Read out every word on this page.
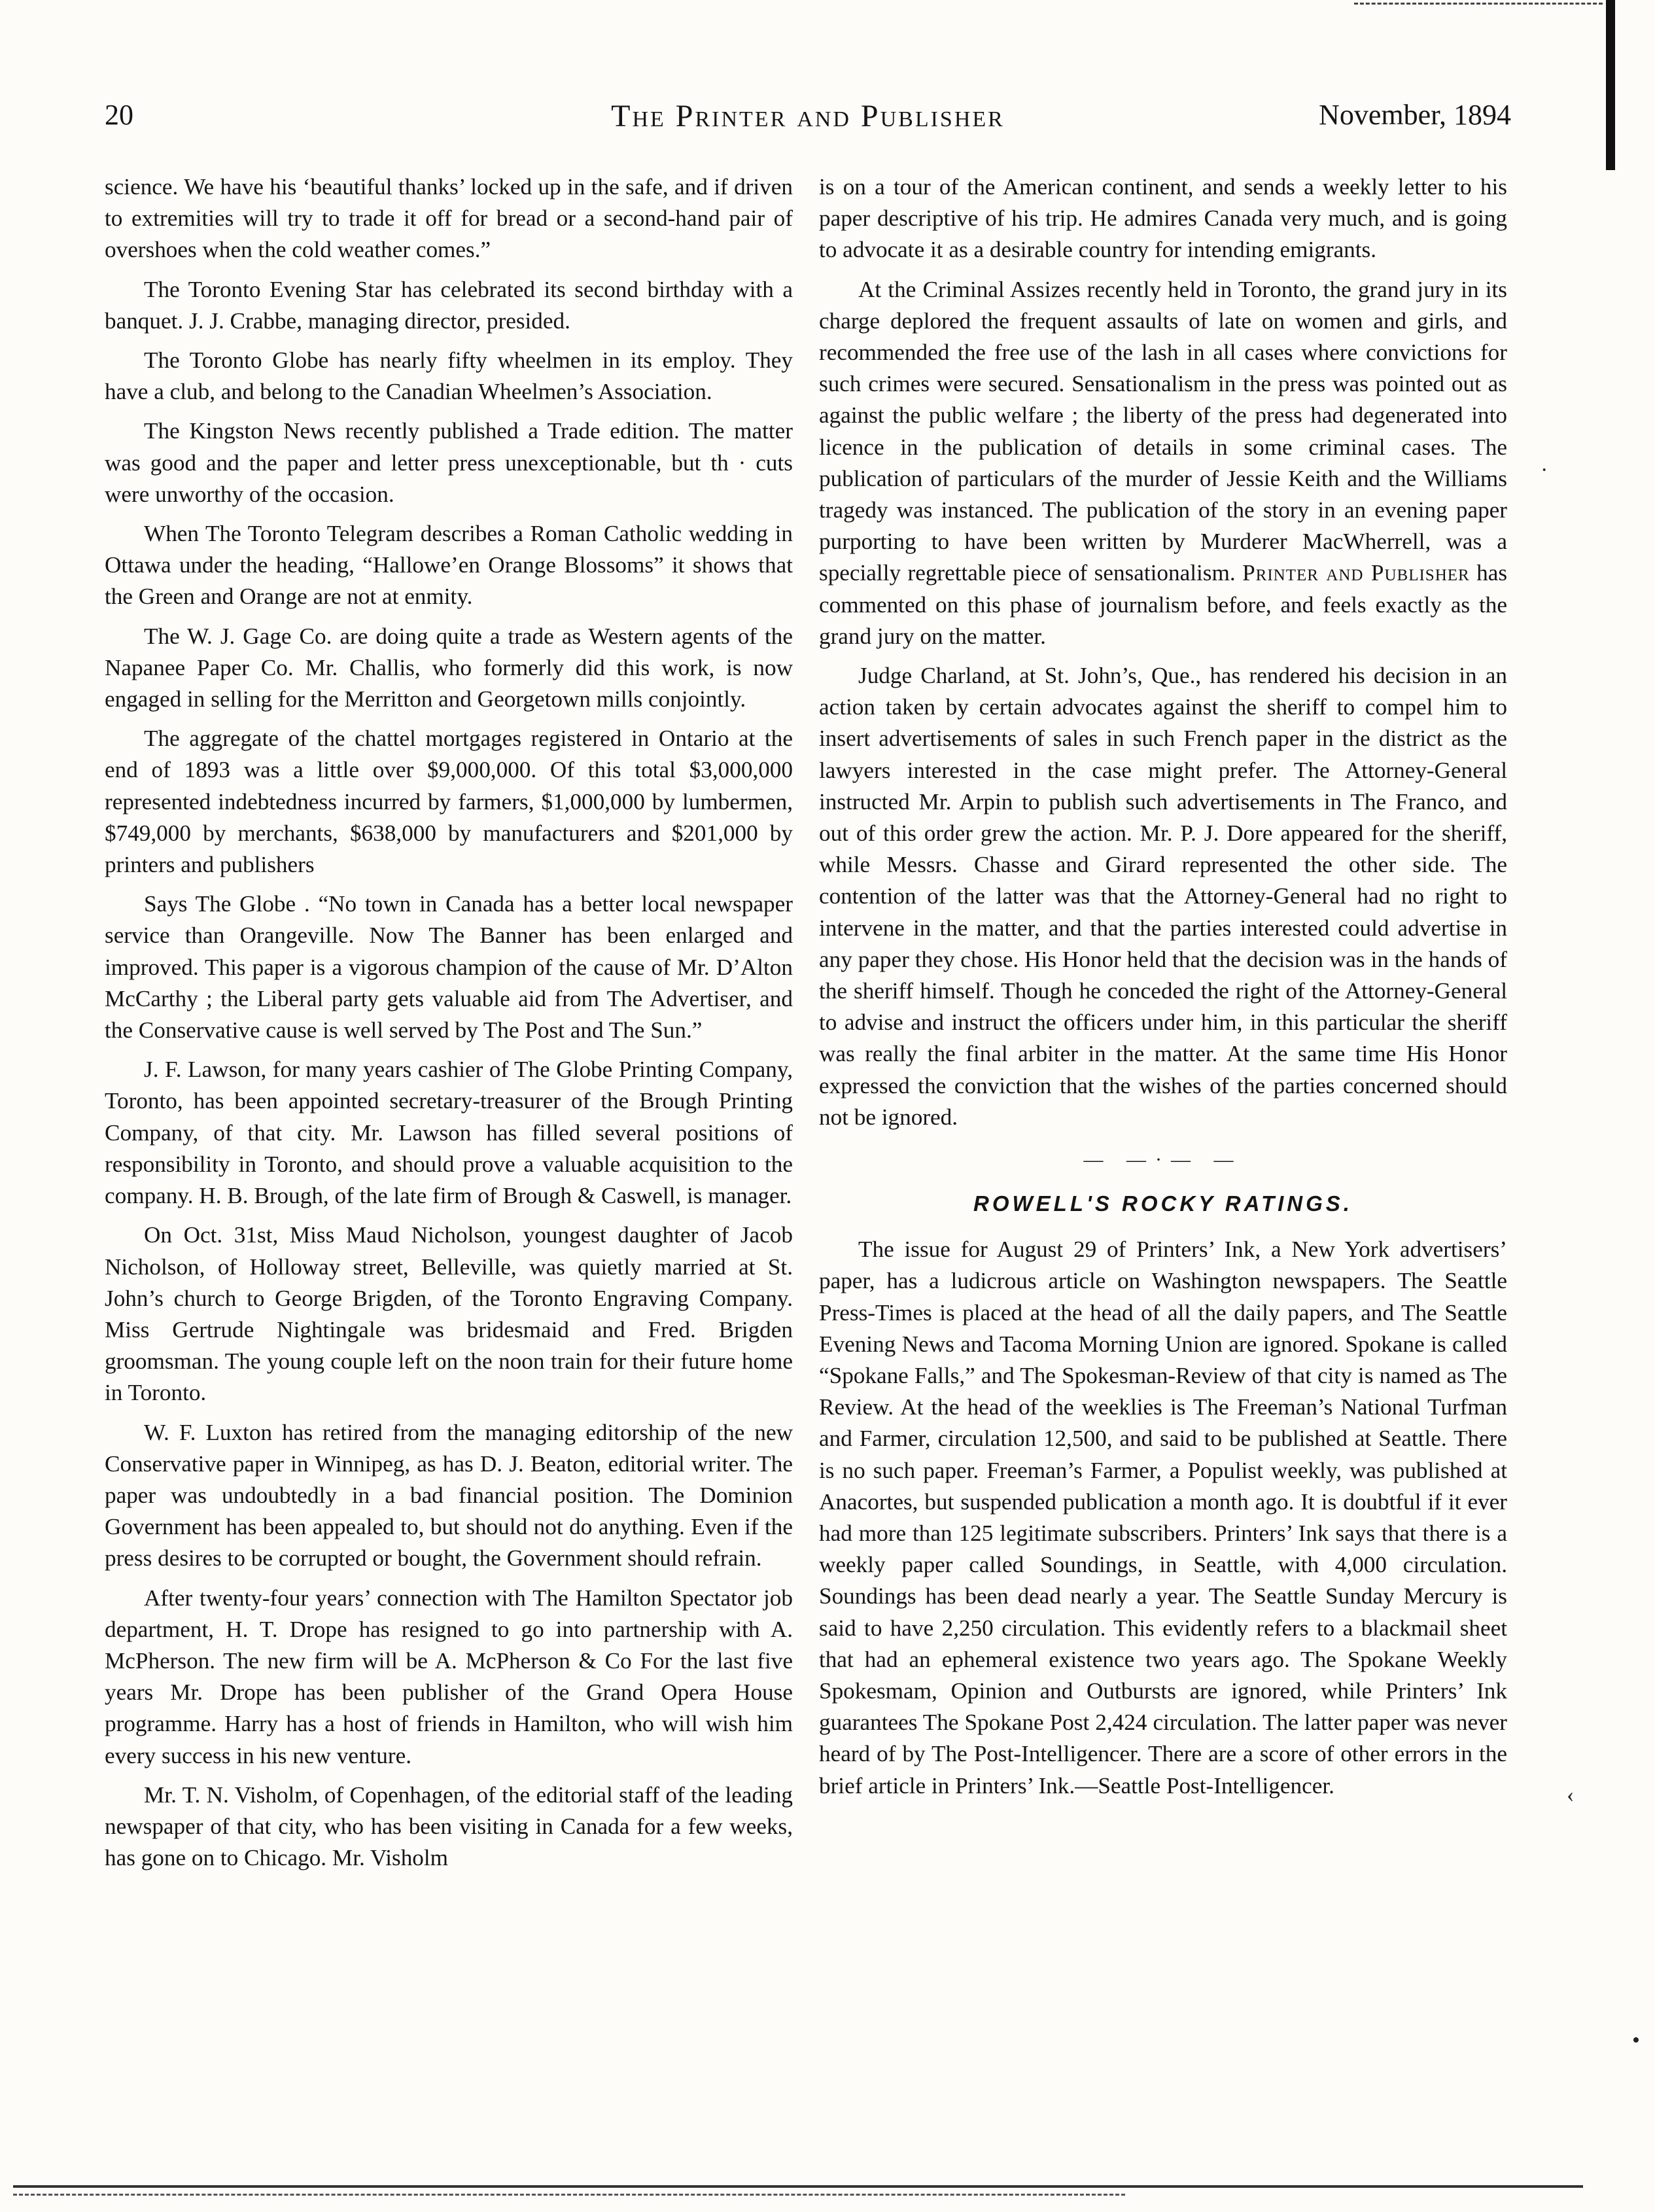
·
‹
•
20	The Printer and Publisher	November, 1894

science. We have his ‘beautiful thanks’ locked up in the safe, and if driven to extremities will try to trade it off for bread or a second-hand pair of overshoes when the cold weather comes.”

The Toronto Evening Star has celebrated its second birthday with a banquet. J. J. Crabbe, managing director, presided.

The Toronto Globe has nearly fifty wheelmen in its employ. They have a club, and belong to the Canadian Wheelmen’s Association.

The Kingston News recently published a Trade edition. The matter was good and the paper and letter press unexceptionable, but th · cuts were unworthy of the occasion.

When The Toronto Telegram describes a Roman Catholic wedding in Ottawa under the heading, “Hallowe’en Orange Blossoms” it shows that the Green and Orange are not at enmity.

The W. J. Gage Co. are doing quite a trade as Western agents of the Napanee Paper Co. Mr. Challis, who formerly did this work, is now engaged in selling for the Merritton and Georgetown mills conjointly.

The aggregate of the chattel mortgages registered in Ontario at the end of 1893 was a little over $9,000,000. Of this total $3,000,000 represented indebtedness incurred by farmers, $1,000,000 by lumbermen, $749,000 by merchants, $638,000 by manufacturers and $201,000 by printers and publishers

Says The Globe . “No town in Canada has a better local newspaper service than Orangeville. Now The Banner has been enlarged and improved. This paper is a vigorous champion of the cause of Mr. D’Alton McCarthy ; the Liberal party gets valuable aid from The Advertiser, and the Conservative cause is well served by The Post and The Sun.”

J. F. Lawson, for many years cashier of The Globe Printing Company, Toronto, has been appointed secretary-treasurer of the Brough Printing Company, of that city. Mr. Lawson has filled several positions of responsibility in Toronto, and should prove a valuable acquisition to the company. H. B. Brough, of the late firm of Brough & Caswell, is manager.

On Oct. 31st, Miss Maud Nicholson, youngest daughter of Jacob Nicholson, of Holloway street, Belleville, was quietly married at St. John’s church to George Brigden, of the Toronto Engraving Company. Miss Gertrude Nightingale was bridesmaid and Fred. Brigden groomsman. The young couple left on the noon train for their future home in Toronto.

W. F. Luxton has retired from the managing editorship of the new Conservative paper in Winnipeg, as has D. J. Beaton, editorial writer. The paper was undoubtedly in a bad financial position. The Dominion Government has been appealed to, but should not do anything. Even if the press desires to be corrupted or bought, the Government should refrain.

After twenty-four years’ connection with The Hamilton Spectator job department, H. T. Drope has resigned to go into partnership with A. McPherson. The new firm will be A. McPherson & Co For the last five years Mr. Drope has been publisher of the Grand Opera House programme. Harry has a host of friends in Hamilton, who will wish him every success in his new venture.

Mr. T. N. Visholm, of Copenhagen, of the editorial staff of the leading newspaper of that city, who has been visiting in Canada for a few weeks, has gone on to Chicago. Mr. Visholm

is on a tour of the American continent, and sends a weekly letter to his paper descriptive of his trip. He admires Canada very much, and is going to advocate it as a desirable country for intending emigrants.

At the Criminal Assizes recently held in Toronto, the grand jury in its charge deplored the frequent assaults of late on women and girls, and recommended the free use of the lash in all cases where convictions for such crimes were secured. Sensationalism in the press was pointed out as against the public welfare ; the liberty of the press had degenerated into licence in the publication of details in some criminal cases. The publication of particulars of the murder of Jessie Keith and the Williams tragedy was instanced. The publication of the story in an evening paper purporting to have been written by Murderer MacWherrell, was a specially regrettable piece of sensationalism. Printer and Publisher has commented on this phase of journalism before, and feels exactly as the grand jury on the matter.

Judge Charland, at St. John’s, Que., has rendered his decision in an action taken by certain advocates against the sheriff to compel him to insert advertisements of sales in such French paper in the district as the lawyers interested in the case might prefer. The Attorney-General instructed Mr. Arpin to publish such advertisements in The Franco, and out of this order grew the action. Mr. P. J. Dore appeared for the sheriff, while Messrs. Chasse and Girard represented the other side. The contention of the latter was that the Attorney-General had no right to intervene in the matter, and that the parties interested could advertise in any paper they chose. His Honor held that the decision was in the hands of the sheriff himself. Though he conceded the right of the Attorney-General to advise and instruct the officers under him, in this particular the sheriff was really the final arbiter in the matter. At the same time His Honor expressed the conviction that the wishes of the parties concerned should not be ignored.

— —·— —
ROWELL'S ROCKY RATINGS.

The issue for August 29 of Printers’ Ink, a New York advertisers’ paper, has a ludicrous article on Washington newspapers. The Seattle Press-Times is placed at the head of all the daily papers, and The Seattle Evening News and Tacoma Morning Union are ignored. Spokane is called “Spokane Falls,” and The Spokesman-Review of that city is named as The Review. At the head of the weeklies is The Freeman’s National Turfman and Farmer, circulation 12,500, and said to be published at Seattle. There is no such paper. Freeman’s Farmer, a Populist weekly, was published at Anacortes, but suspended publication a month ago. It is doubtful if it ever had more than 125 legitimate subscribers. Printers’ Ink says that there is a weekly paper called Soundings, in Seattle, with 4,000 circulation. Soundings has been dead nearly a year. The Seattle Sunday Mercury is said to have 2,250 circulation. This evidently refers to a blackmail sheet that had an ephemeral existence two years ago. The Spokane Weekly Spokesmam, Opinion and Outbursts are ignored, while Printers’ Ink guarantees The Spokane Post 2,424 circulation. The latter paper was never heard of by The Post-Intelligencer. There are a score of other errors in the brief article in Printers’ Ink.—Seattle Post-Intelligencer.
